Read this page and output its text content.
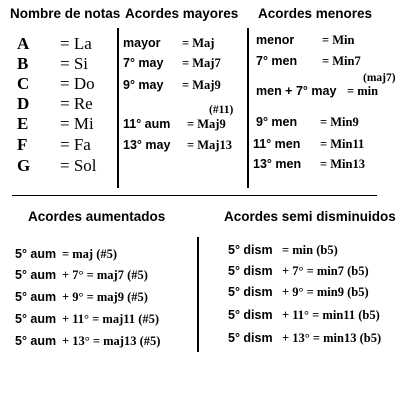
Nombre de notas Acordes mayores Acordes menores
A = La
B = Si
C = Do
D = Re
E = Mi
F = Fa
G = Sol
mayor = Maj
7° may = Maj7
9° may = Maj9
(#11)
11° aum = Maj9
13° may = Maj13
menor = Min
7° men = Min7
(maj7)
men + 7° may = min
9° men = Min9
11° men = Min11
13° men = Min13
Acordes aumentados	Acordes semi disminuidos
5° aum = maj (#5)
5° aum + 7° = maj7 (#5)
5° aum + 9° = maj9 (#5)
5° aum + 11° = maj11 (#5)
5° aum + 13° = maj13 (#5)
5° dism = min (b5)
5° dism + 7° = min7 (b5)
5° dism + 9° = min9 (b5)
5° dism + 11° = min11 (b5)
5° dism + 13° = min13 (b5)
